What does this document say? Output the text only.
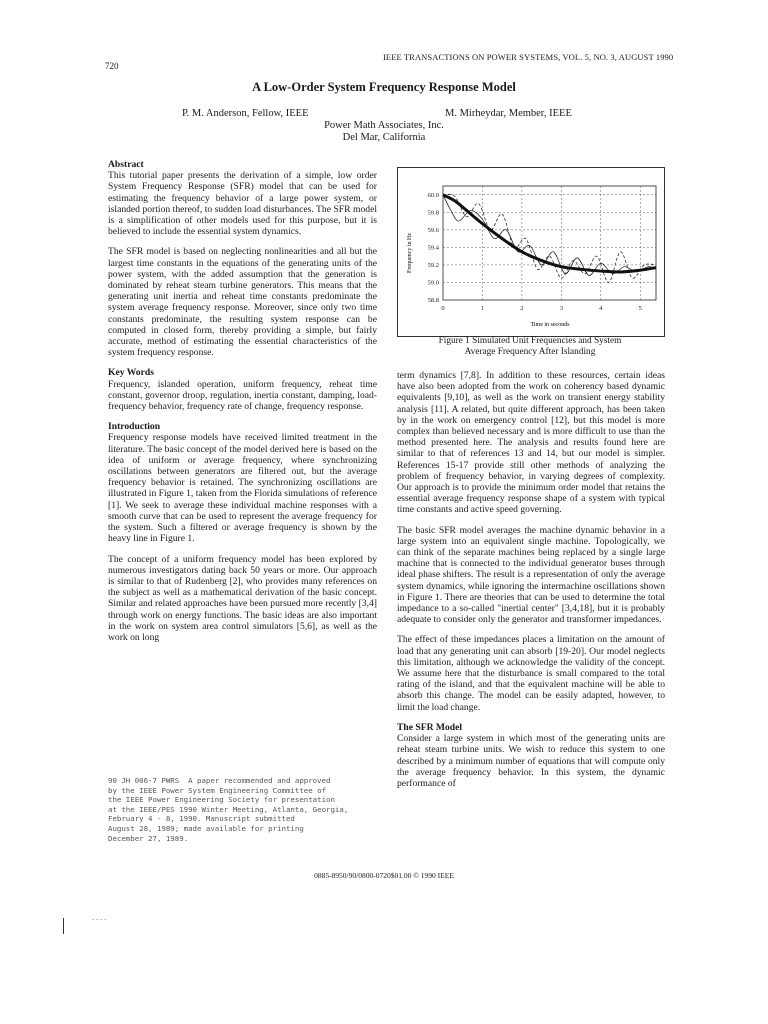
720
IEEE TRANSACTIONS ON POWER SYSTEMS, VOL. 5, NO. 3, AUGUST 1990
A Low-Order System Frequency Response Model
P. M. Anderson, Fellow, IEEE	M. Mirheydar, Member, IEEE
Power Math Associates, Inc.
Del Mar, California

Abstract

This tutorial paper presents the derivation of a simple, low order System Frequency Response (SFR) model that can be used for estimating the frequency behavior of a large power system, or islanded portion thereof, to sudden load disturbances. The SFR model is a simplification of other models used for this purpose, but it is believed to include the essential system dynamics.

The SFR model is based on neglecting nonlinearities and all but the largest time constants in the equations of the generating units of the power system, with the added assumption that the generation is dominated by reheat steam turbine generators. This means that the generating unit inertia and reheat time constants predominate the system average frequency response. Moreover, since only two time constants predominate, the resulting system response can be computed in closed form, thereby providing a simple, but fairly accurate, method of estimating the essential characteristics of the system frequency response.

Key Words

Frequency, islanded operation, uniform frequency, reheat time constant, governor droop, regulation, inertia constant, damping, load-frequency behavior, frequency rate of change, frequency response.

Introduction

Frequency response models have received limited treatment in the literature. The basic concept of the model derived here is based on the idea of uniform or average frequency, where synchronizing oscillations between generators are filtered out, but the average frequency behavior is retained. The synchronizing oscillations are illustrated in Figure 1, taken from the Florida simulations of reference [1]. We seek to average these individual machine responses with a smooth curve that can be used to represent the average frequency for the system. Such a filtered or average frequency is shown by the heavy line in Figure 1.

The concept of a uniform frequency model has been explored by numerous investigators dating back 50 years or more. Our approach is similar to that of Rudenberg [2], who provides many references on the subject as well as a mathematical derivation of the basic concept. Similar and related approaches have been pursued more recently [3,4] through work on energy functions. The basic ideas are also important in the work on system area control simulators [5,6], as well as the work on long

90 JH 006-7 PWRS  A paper recommended and approved
by the IEEE Power System Engineering Committee of
the IEEE Power Engineering Society for presentation
at the IEEE/PES 1990 Winter Meeting, Atlanta, Georgia,
February 4 - 8, 1990. Manuscript submitted
August 28, 1989; made available for printing
December 27, 1989.
60.0
59.8
59.6
59.4
59.2
59.0
58.8
0	1	2	3	4	5
Frequency in Hz
Time in seconds
Figure 1 Simulated Unit Frequencies and System
Average Frequency After Islanding

term dynamics [7,8]. In addition to these resources, certain ideas have also been adopted from the work on coherency based dynamic equivalents [9,10], as well as the work on transient energy stability analysis [11]. A related, but quite different approach, has been taken by in the work on emergency control [12], but this model is more complex than believed necessary and is more difficult to use than the method presented here. The analysis and results found here are similar to that of references 13 and 14, but our model is simpler. References 15-17 provide still other methods of analyzing the problem of frequency behavior, in varying degrees of complexity. Our approach is to provide the minimum order model that retains the essential average frequency response shape of a system with typical time constants and active speed governing.

The basic SFR model averages the machine dynamic behavior in a large system into an equivalent single machine. Topologically, we can think of the separate machines being replaced by a single large machine that is connected to the individual generator buses through ideal phase shifters. The result is a representation of only the average system dynamics, while ignoring the intermachine oscillations shown in Figure 1. There are theories that can be used to determine the total impedance to a so-called "inertial center" [3,4,18], but it is probably adequate to consider only the generator and transformer impedances.

The effect of these impedances places a limitation on the amount of load that any generating unit can absorb [19-20]. Our model neglects this limitation, although we acknowledge the validity of the concept. We assume here that the disturbance is small compared to the total rating of the island, and that the equivalent machine will be able to absorb this change. The model can be easily adapted, however, to limit the load change.

The SFR Model

Consider a large system in which most of the generating units are reheat steam turbine units. We wish to reduce this system to one described by a minimum number of equations that will compute only the average frequency behavior. In this system, the dynamic performance of

0885-8950/90/0800-0720$01.00 © 1990 IEEE
- - - -
